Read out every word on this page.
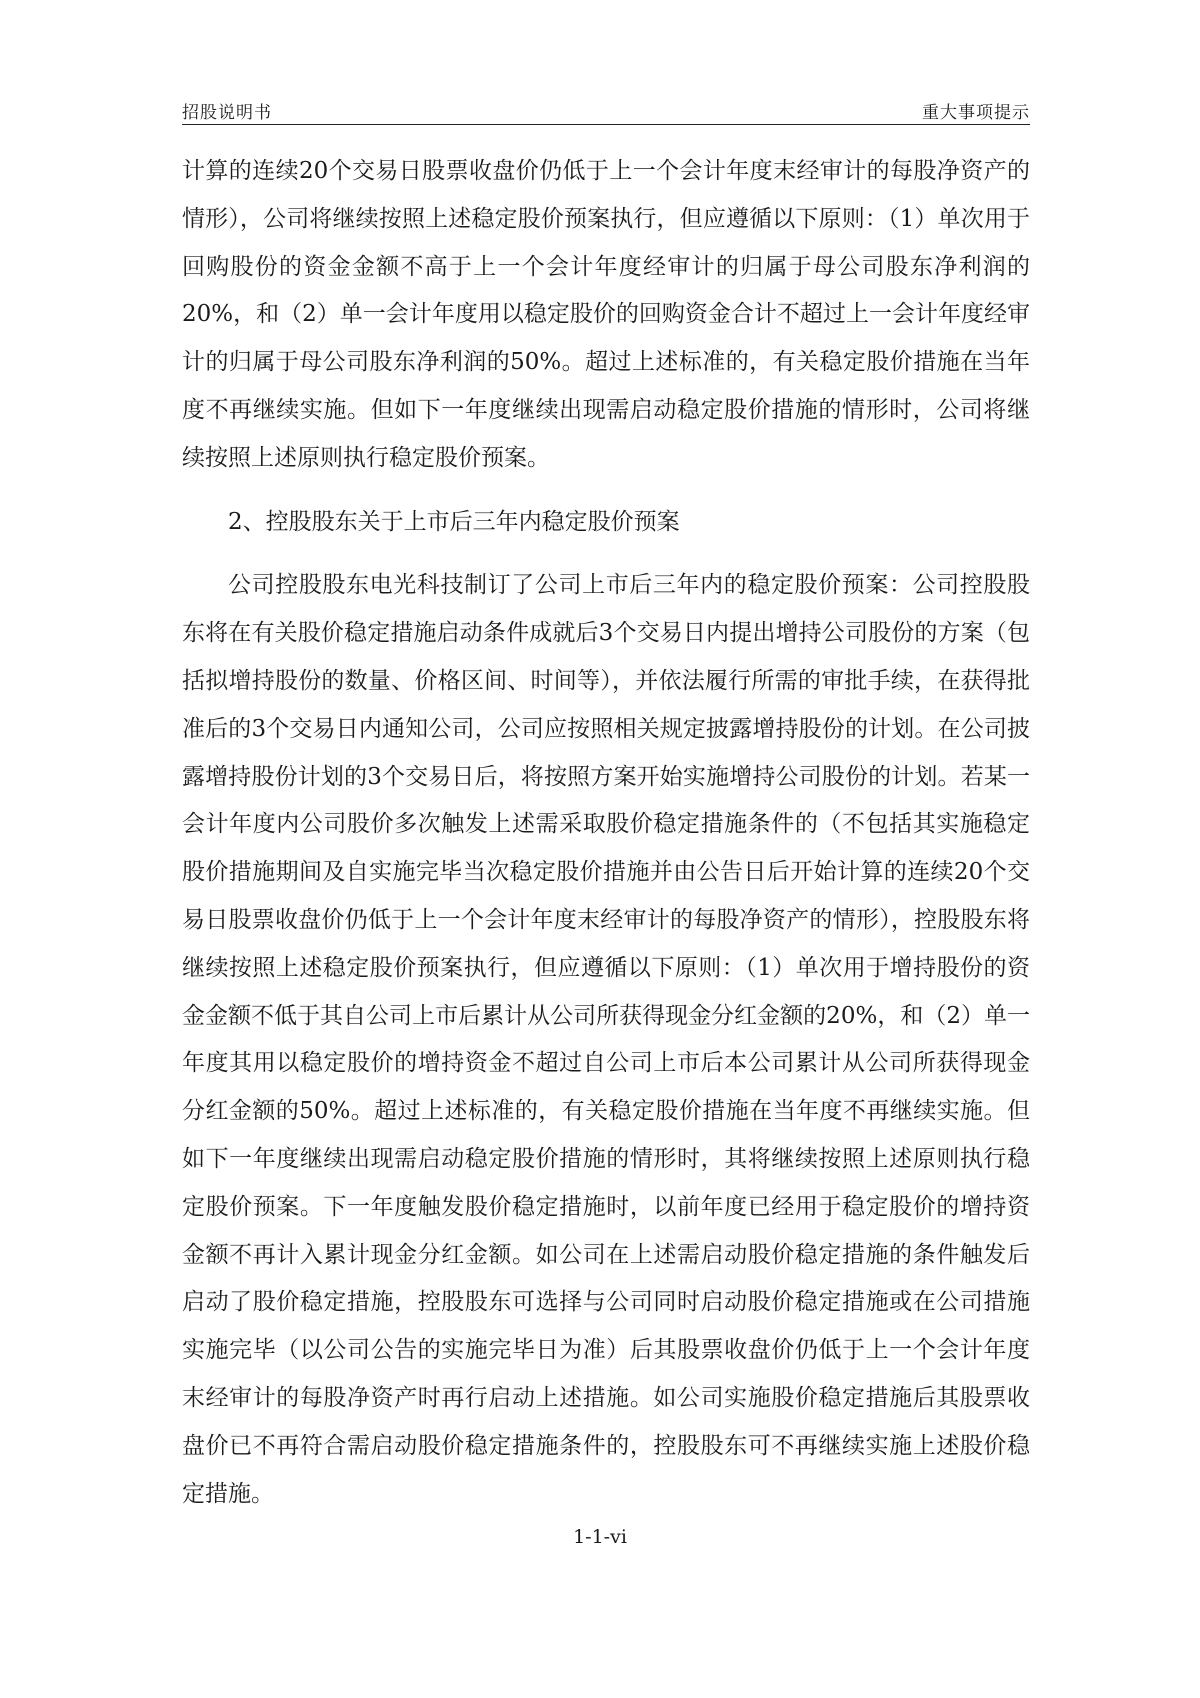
招股说明书	重大事项提示

计算的连续20个交易日股票收盘价仍低于上一个会计年度末经审计的每股净资产的情形），公司将继续按照上述稳定股价预案执行，但应遵循以下原则：（1）单次用于回购股份的资金金额不高于上一个会计年度经审计的归属于母公司股东净利润的20%，和（2）单一会计年度用以稳定股价的回购资金合计不超过上一会计年度经审计的归属于母公司股东净利润的50%。超过上述标准的，有关稳定股价措施在当年度不再继续实施。但如下一年度继续出现需启动稳定股价措施的情形时，公司将继续按照上述原则执行稳定股价预案。

2、控股股东关于上市后三年内稳定股价预案

公司控股股东电光科技制订了公司上市后三年内的稳定股价预案：公司控股股东将在有关股价稳定措施启动条件成就后3个交易日内提出增持公司股份的方案（包括拟增持股份的数量、价格区间、时间等），并依法履行所需的审批手续，在获得批准后的3个交易日内通知公司，公司应按照相关规定披露增持股份的计划。在公司披露增持股份计划的3个交易日后，将按照方案开始实施增持公司股份的计划。若某一会计年度内公司股价多次触发上述需采取股价稳定措施条件的（不包括其实施稳定股价措施期间及自实施完毕当次稳定股价措施并由公告日后开始计算的连续20个交易日股票收盘价仍低于上一个会计年度末经审计的每股净资产的情形），控股股东将继续按照上述稳定股价预案执行，但应遵循以下原则：（1）单次用于增持股份的资金金额不低于其自公司上市后累计从公司所获得现金分红金额的20%，和（2）单一年度其用以稳定股价的增持资金不超过自公司上市后本公司累计从公司所获得现金分红金额的50%。超过上述标准的，有关稳定股价措施在当年度不再继续实施。但如下一年度继续出现需启动稳定股价措施的情形时，其将继续按照上述原则执行稳定股价预案。下一年度触发股价稳定措施时，以前年度已经用于稳定股价的增持资金额不再计入累计现金分红金额。如公司在上述需启动股价稳定措施的条件触发后启动了股价稳定措施，控股股东可选择与公司同时启动股价稳定措施或在公司措施实施完毕（以公司公告的实施完毕日为准）后其股票收盘价仍低于上一个会计年度末经审计的每股净资产时再行启动上述措施。如公司实施股价稳定措施后其股票收盘价已不再符合需启动股价稳定措施条件的，控股股东可不再继续实施上述股价稳定措施。

1-1-vi
